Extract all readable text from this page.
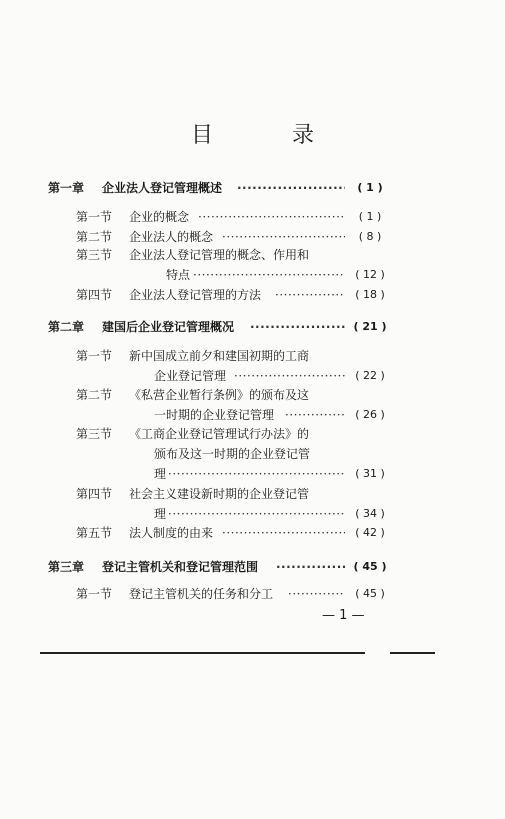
目 录
第一章 企业法人登记管理概述 ·····	( 1 )
第一节 企业的概念 ·····	( 1 )
第二节 企业法人的概念 ·····	( 8 )
第三节 企业法人登记管理的概念、作用和
特点 ·····	( 12 )
第四节 企业法人登记管理的方法 ·····	( 18 )
第二章 建国后企业登记管理概况 ·····	( 21 )
第一节 新中国成立前夕和建国初期的工商
企业登记管理 ·····	( 22 )
第二节 《私营企业暂行条例》的颁布及这
一时期的企业登记管理 ·····	( 26 )
第三节 《工商企业登记管理试行办法》的
颁布及这一时期的企业登记管
理 ·····	( 31 )
第四节 社会主义建设新时期的企业登记管
理 ·····	( 34 )
第五节 法人制度的由来 ·····	( 42 )
第三章 登记主管机关和登记管理范围 ·····	( 45 )
第一节 登记主管机关的任务和分工 ·····	( 45 )
— 1 —
